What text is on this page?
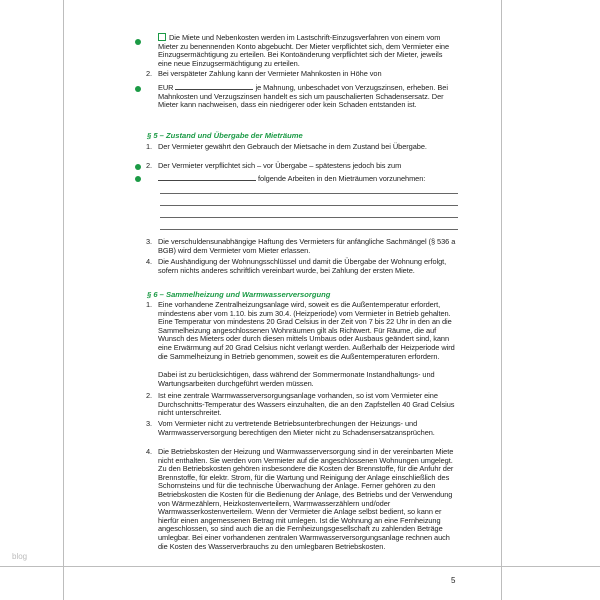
Die Miete und Nebenkosten werden im Lastschrift-Einzugsverfahren von einem vom Mieter zu benennenden Konto abgebucht. Der Mieter verpflichtet sich, dem Vermieter eine Einzugsermächtigung zu erteilen. Bei Kontoänderung verpflichtet sich der Mieter, jeweils eine neue Einzugsermächtigung zu erteilen.

2. Bei verspäteter Zahlung kann der Vermieter Mahnkosten in Höhe von

EUR	je Mahnung, unbeschadet von Verzugszinsen, erheben. Bei Mahnkosten und Verzugszinsen handelt es sich um pauschalierten Schadensersatz. Der Mieter kann nachweisen, dass ein niedrigerer oder kein Schaden entstanden ist.

§ 5 – Zustand und Übergabe der Mieträume
1. Der Vermieter gewährt den Gebrauch der Mietsache in dem Zustand bei Übergabe.
2. Der Vermieter verpflichtet sich – vor Übergabe – spätestens jedoch bis zum
folgende Arbeiten in den Mieträumen vorzunehmen:
3. Die verschuldensunabhängige Haftung des Vermieters für anfängliche Sachmängel (§ 536 a BGB) wird dem Vermieter vom Mieter erlassen.
4. Die Aushändigung der Wohnungsschlüssel und damit die Übergabe der Wohnung erfolgt, sofern nichts anderes schriftlich vereinbart wurde, bei Zahlung der ersten Miete.
§ 6 – Sammelheizung und Warmwasserversorgung
1. Eine vorhandene Zentralheizungsanlage wird, soweit es die Außentemperatur erfordert, mindestens aber vom 1.10. bis zum 30.4. (Heizperiode) vom Vermieter in Betrieb gehalten. Eine Temperatur von mindestens 20 Grad Celsius in der Zeit von 7 bis 22 Uhr in den an die Sammelheizung angeschlossenen Wohnräumen gilt als Richtwert. Für Räume, die auf Wunsch des Mieters oder durch diesen mittels Umbaus oder Ausbaus geändert sind, kann eine Erwärmung auf 20 Grad Celsius nicht verlangt werden. Außerhalb der Heizperiode wird die Sammelheizung in Betrieb genommen, soweit es die Außentemperaturen erfordern.
Dabei ist zu berücksichtigen, dass während der Sommermonate Instandhaltungs- und Wartungsarbeiten durchgeführt werden müssen.
2. Ist eine zentrale Warmwasserversorgungsanlage vorhanden, so ist vom Vermieter eine Durchschnitts-Temperatur des Wassers einzuhalten, die an den Zapfstellen 40 Grad Celsius nicht unterschreitet.
3. Vom Vermieter nicht zu vertretende Betriebsunterbrechungen der Heizungs- und Warmwasserversorgung berechtigen den Mieter nicht zu Schadensersatzansprüchen.
4. Die Betriebskosten der Heizung und Warmwasserversorgung sind in der vereinbarten Miete nicht enthalten. Sie werden vom Vermieter auf die angeschlossenen Wohnungen umgelegt. Zu den Betriebskosten gehören insbesondere die Kosten der Brennstoffe, für die Anfuhr der Brennstoffe, für elektr. Strom, für die Wartung und Reinigung der Anlage einschließlich des Schornsteins und für die technische Überwachung der Anlage. Ferner gehören zu den Betriebskosten die Kosten für die Bedienung der Anlage, des Betriebs und der Verwendung von Wärmezählern, Heizkostenverteilern, Warmwasserzählern und/oder Warmwasserkostenverteilern. Wenn der Vermieter die Anlage selbst bedient, so kann er hierfür einen angemessenen Betrag mit umlegen. Ist die Wohnung an eine Fernheizung angeschlossen, so sind auch die an die Fernheizungsgesellschaft zu zahlenden Beträge umlegbar. Bei einer vorhandenen zentralen Warmwasserversorgungsanlage rechnen auch die Kosten des Wasserverbrauchs zu den umlegbaren Betriebskosten.
blog
5
